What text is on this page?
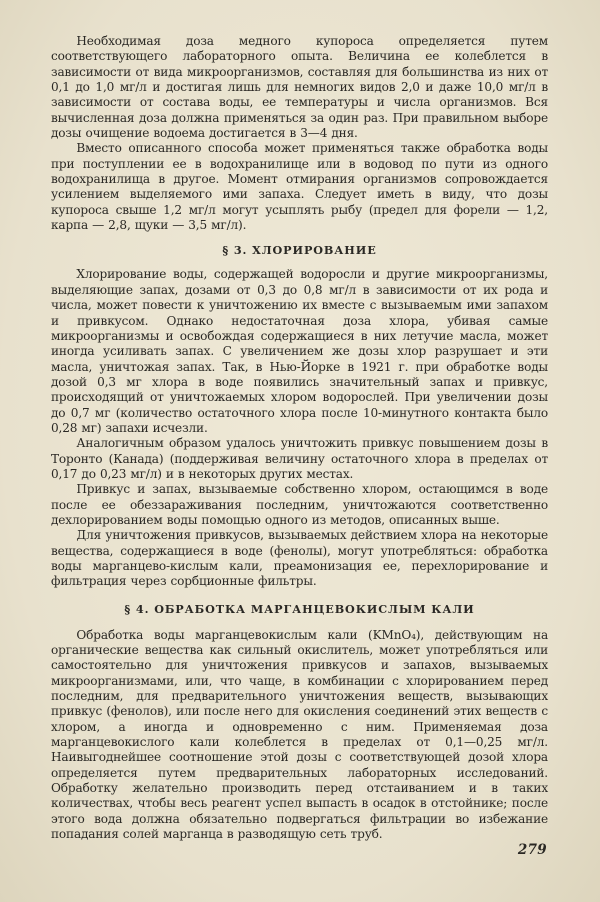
Необходимая доза медного купороса определяется путем соответствующего лабораторного опыта. Величина ее колеблется в зависимости от вида микроорганизмов, составляя для большинства из них от 0,1 до 1,0 мг/л и достигая лишь для немногих видов 2,0 и даже 10,0 мг/л в зависимости от состава воды, ее температуры и числа организмов. Вся вычисленная доза должна применяться за один раз. При правильном выборе дозы очищение водоема достигается в 3—4 дня.

Вместо описанного способа может применяться также обработка воды при поступлении ее в водохранилище или в водовод по пути из одного водохранилища в другое. Момент отмирания организмов сопровождается усилением выделяемого ими запаха. Следует иметь в виду, что дозы купороса свыше 1,2 мг/л могут усыплять рыбу (предел для форели — 1,2, карпа — 2,8, щуки — 3,5 мг/л).

§ 3. ХЛОРИРОВАНИЕ

Хлорирование воды, содержащей водоросли и другие микроорганизмы, выделяющие запах, дозами от 0,3 до 0,8 мг/л в зависимости от их рода и числа, может повести к уничтожению их вместе с вызываемым ими запахом и привкусом. Однако недостаточная доза хлора, убивая самые микроорганизмы и освобождая содержащиеся в них летучие масла, может иногда усиливать запах. С увеличением же дозы хлор разрушает и эти масла, уничтожая запах. Так, в Нью-Йорке в 1921 г. при обработке воды дозой 0,3 мг хлора в воде появились значительный запах и привкус, происходящий от уничтожаемых хлором водорослей. При увеличении дозы до 0,7 мг (количество остаточного хлора после 10-минутного контакта было 0,28 мг) запахи исчезли.

Аналогичным образом удалось уничтожить привкус повышением дозы в Торонто (Канада) (поддерживая величину остаточного хлора в пределах от 0,17 до 0,23 мг/л) и в некоторых других местах.

Привкус и запах, вызываемые собственно хлором, остающимся в воде после ее обеззараживания последним, уничтожаются соответственно дехлорированием воды помощью одного из методов, описанных выше.

Для уничтожения привкусов, вызываемых действием хлора на некоторые вещества, содержащиеся в воде (фенолы), могут употребляться: обработка воды марганцево-кислым кали, преамонизация ее, перехлорирование и фильтрация через сорбционные фильтры.

§ 4. ОБРАБОТКА МАРГАНЦЕВОКИСЛЫМ КАЛИ

Обработка воды марганцевокислым кали (KMnO₄), действующим на органические вещества как сильный окислитель, может употребляться или самостоятельно для уничтожения привкусов и запахов, вызываемых микроорганизмами, или, что чаще, в комбинации с хлорированием перед последним, для предварительного уничтожения веществ, вызывающих привкус (фенолов), или после него для окисления соединений этих веществ с хлором, а иногда и одновременно с ним. Применяемая доза марганцевокислого кали колеблется в пределах от 0,1—0,25 мг/л. Наивыгоднейшее соотношение этой дозы с соответствующей дозой хлора определяется путем предварительных лабораторных исследований. Обработку желательно производить перед отстаиванием и в таких количествах, чтобы весь реагент успел выпасть в осадок в отстойнике; после этого вода должна обязательно подвергаться фильтрации во избежание попадания солей марганца в разводящую сеть труб.

279
